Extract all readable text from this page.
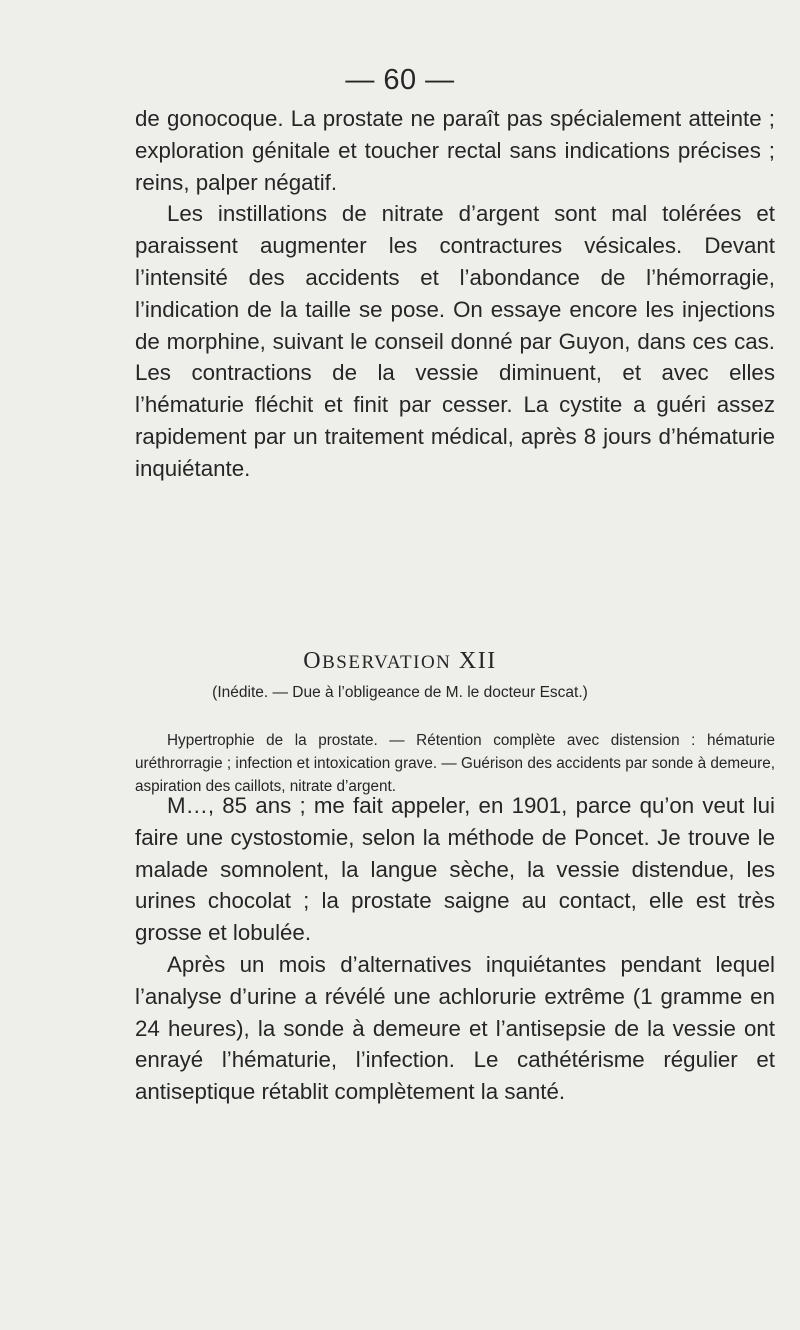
— 60 —

de gonocoque. La prostate ne paraît pas spécialement atteinte ; exploration génitale et toucher rectal sans indications précises ; reins, palper négatif.

Les instillations de nitrate d’argent sont mal tolérées et paraissent augmenter les contractures vésicales. Devant l’intensité des accidents et l’abondance de l’hémorragie, l’indication de la taille se pose. On essaye encore les injections de morphine, suivant le conseil donné par Guyon, dans ces cas. Les contractions de la vessie diminuent, et avec elles l’hématurie fléchit et finit par cesser. La cystite a guéri assez rapidement par un traitement médical, après 8 jours d’hématurie inquiétante.

OBSERVATION XII
(Inédite. — Due à l’obligeance de M. le docteur Escat.)

Hypertrophie de la prostate. — Rétention complète avec distension : hématurie uréthrorragie ; infection et intoxication grave. — Guérison des accidents par sonde à demeure, aspiration des caillots, nitrate d’argent.

M…, 85 ans ; me fait appeler, en 1901, parce qu’on veut lui faire une cystostomie, selon la méthode de Poncet. Je trouve le malade somnolent, la langue sèche, la vessie distendue, les urines chocolat ; la prostate saigne au contact, elle est très grosse et lobulée.

Après un mois d’alternatives inquiétantes pendant lequel l’analyse d’urine a révélé une achlorurie extrême (1 gramme en 24 heures), la sonde à demeure et l’antisepsie de la vessie ont enrayé l’hématurie, l’infection. Le cathétérisme régulier et antiseptique rétablit complètement la santé.
